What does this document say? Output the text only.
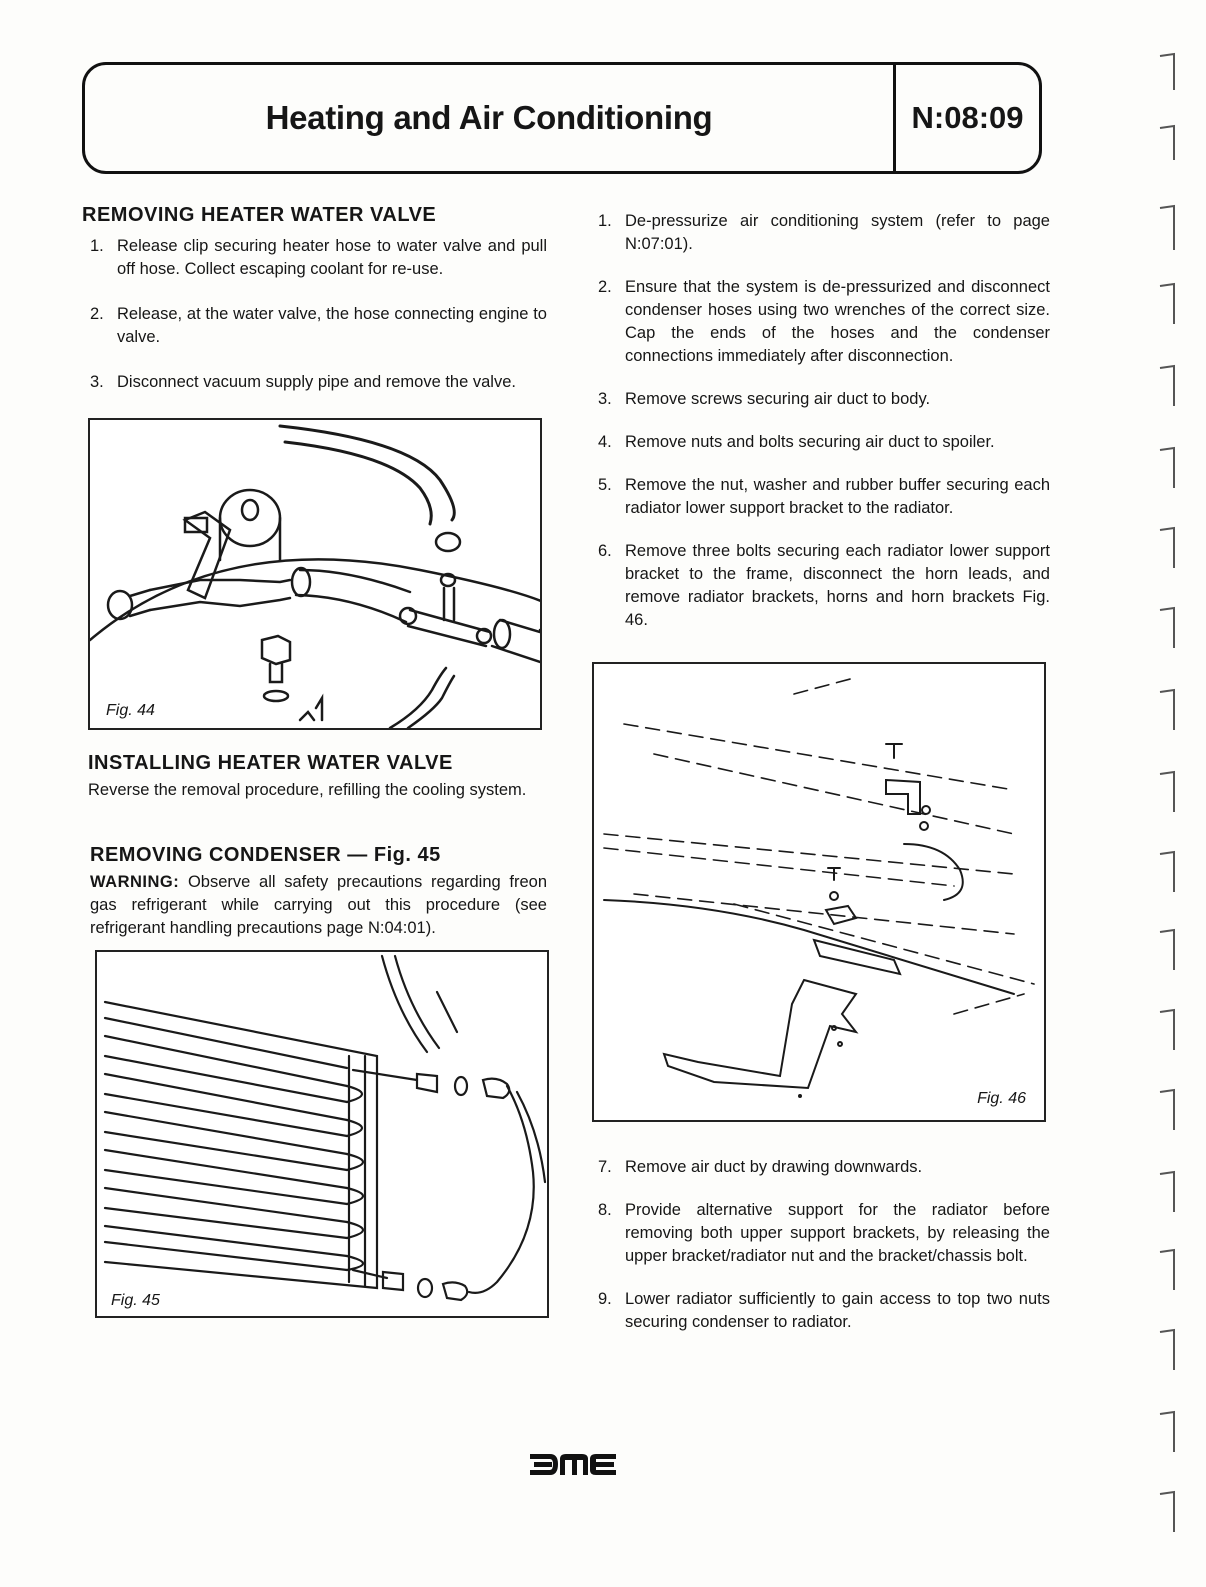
Heating and Air Conditioning	N:08:09
REMOVING HEATER WATER VALVE
1. Release clip securing heater hose to water valve and pull off hose. Collect escaping coolant for re-use.
2. Release, at the water valve, the hose connecting engine to valve.
3. Disconnect vacuum supply pipe and remove the valve.
Fig. 44
INSTALLING HEATER WATER VALVE
Reverse the removal procedure, refilling the cooling system.
REMOVING CONDENSER — Fig. 45
WARNING: Observe all safety precautions regarding freon gas refrigerant while carrying out this procedure (see refrigerant handling precautions page N:04:01).
Fig. 45
1. De-pressurize air conditioning system (refer to page N:07:01).
2. Ensure that the system is de-pressurized and disconnect condenser hoses using two wrenches of the correct size. Cap the ends of the hoses and the condenser connections immediately after disconnection.
3. Remove screws securing air duct to body.
4. Remove nuts and bolts securing air duct to spoiler.
5. Remove the nut, washer and rubber buffer securing each radiator lower support bracket to the radiator.
6. Remove three bolts securing each radiator lower support bracket to the frame, disconnect the horn leads, and remove radiator brackets, horns and horn brackets Fig. 46.
Fig. 46
7. Remove air duct by drawing downwards.
8. Provide alternative support for the radiator before removing both upper support brackets, by releasing the upper bracket/radiator nut and the bracket/chassis bolt.
9. Lower radiator sufficiently to gain access to top two nuts securing condenser to radiator.
